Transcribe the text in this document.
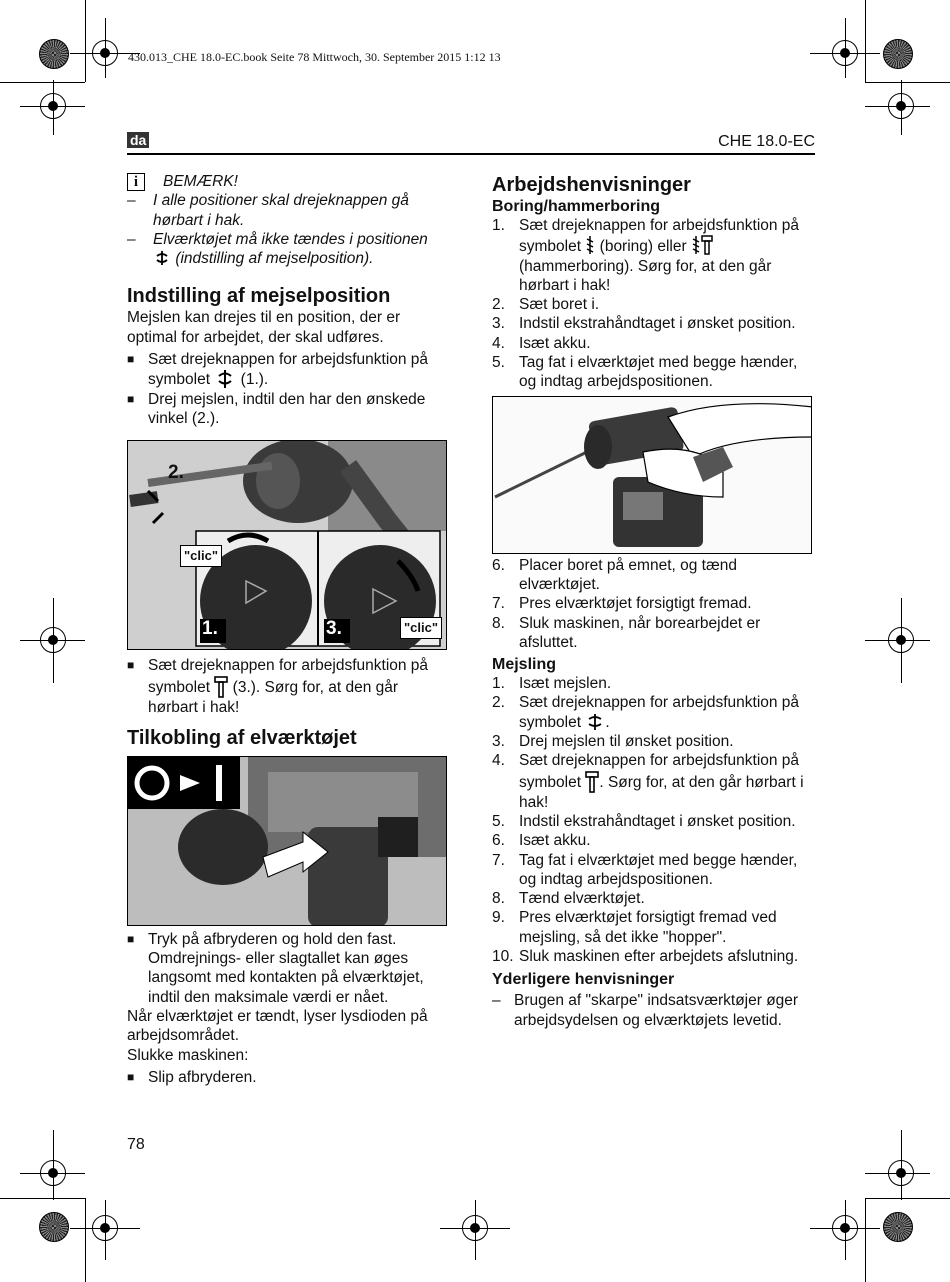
430.013_CHE 18.0-EC.book Seite 78 Mittwoch, 30. September 2015 1:12 13
da	CHE 18.0-EC
i	BEMÆRK!
– I alle positioner skal drejeknappen gå hørbart i hak.
– Elværktøjet må ikke tændes i positionen
(indstilling af mejselposition).
Indstilling af mejselposition

Mejslen kan drejes til en position, der er optimal for arbejdet, der skal udføres.

■ Sæt drejeknappen for arbejdsfunktion på symbolet (1.).
■ Drej mejslen, indtil den har den ønskede vinkel (2.).
2.
"clic"
1.	3.	"clic"
■ Sæt drejeknappen for arbejdsfunktion på symbolet (3.). Sørg for, at den går hørbart i hak!
Tilkobling af elværktøjet
■ Tryk på afbryderen og hold den fast. Omdrejnings- eller slagtallet kan øges langsomt med kontakten på elværktøjet, indtil den maksimale værdi er nået.

Når elværktøjet er tændt, lyser lysdioden på arbejdsområdet.

Slukke maskinen:

■ Slip afbryderen.
Arbejdshenvisninger
Boring/hammerboring
1. Sæt drejeknappen for arbejdsfunktion på symbolet (boring) eller  (hammerboring). Sørg for, at den går hørbart i hak!
2. Sæt boret i.
3. Indstil ekstrahåndtaget i ønsket position.
4. Isæt akku.
5. Tag fat i elværktøjet med begge hænder, og indtag arbejdspositionen.
6. Placer boret på emnet, og tænd elværktøjet.
7. Pres elværktøjet forsigtigt fremad.
8. Sluk maskinen, når borearbejdet er afsluttet.
Mejsling
1. Isæt mejslen.
2. Sæt drejeknappen for arbejdsfunktion på symbolet .
3. Drej mejslen til ønsket position.
4. Sæt drejeknappen for arbejdsfunktion på symbolet . Sørg for, at den går hørbart i hak!
5. Indstil ekstrahåndtaget i ønsket position.
6. Isæt akku.
7. Tag fat i elværktøjet med begge hænder, og indtag arbejdspositionen.
8. Tænd elværktøjet.
9. Pres elværktøjet forsigtigt fremad ved mejsling, så det ikke "hopper".
10. Sluk maskinen efter arbejdets afslutning.
Yderligere henvisninger
– Brugen af "skarpe" indsatsværktøjer øger arbejdsydelsen og elværktøjets levetid.
78
